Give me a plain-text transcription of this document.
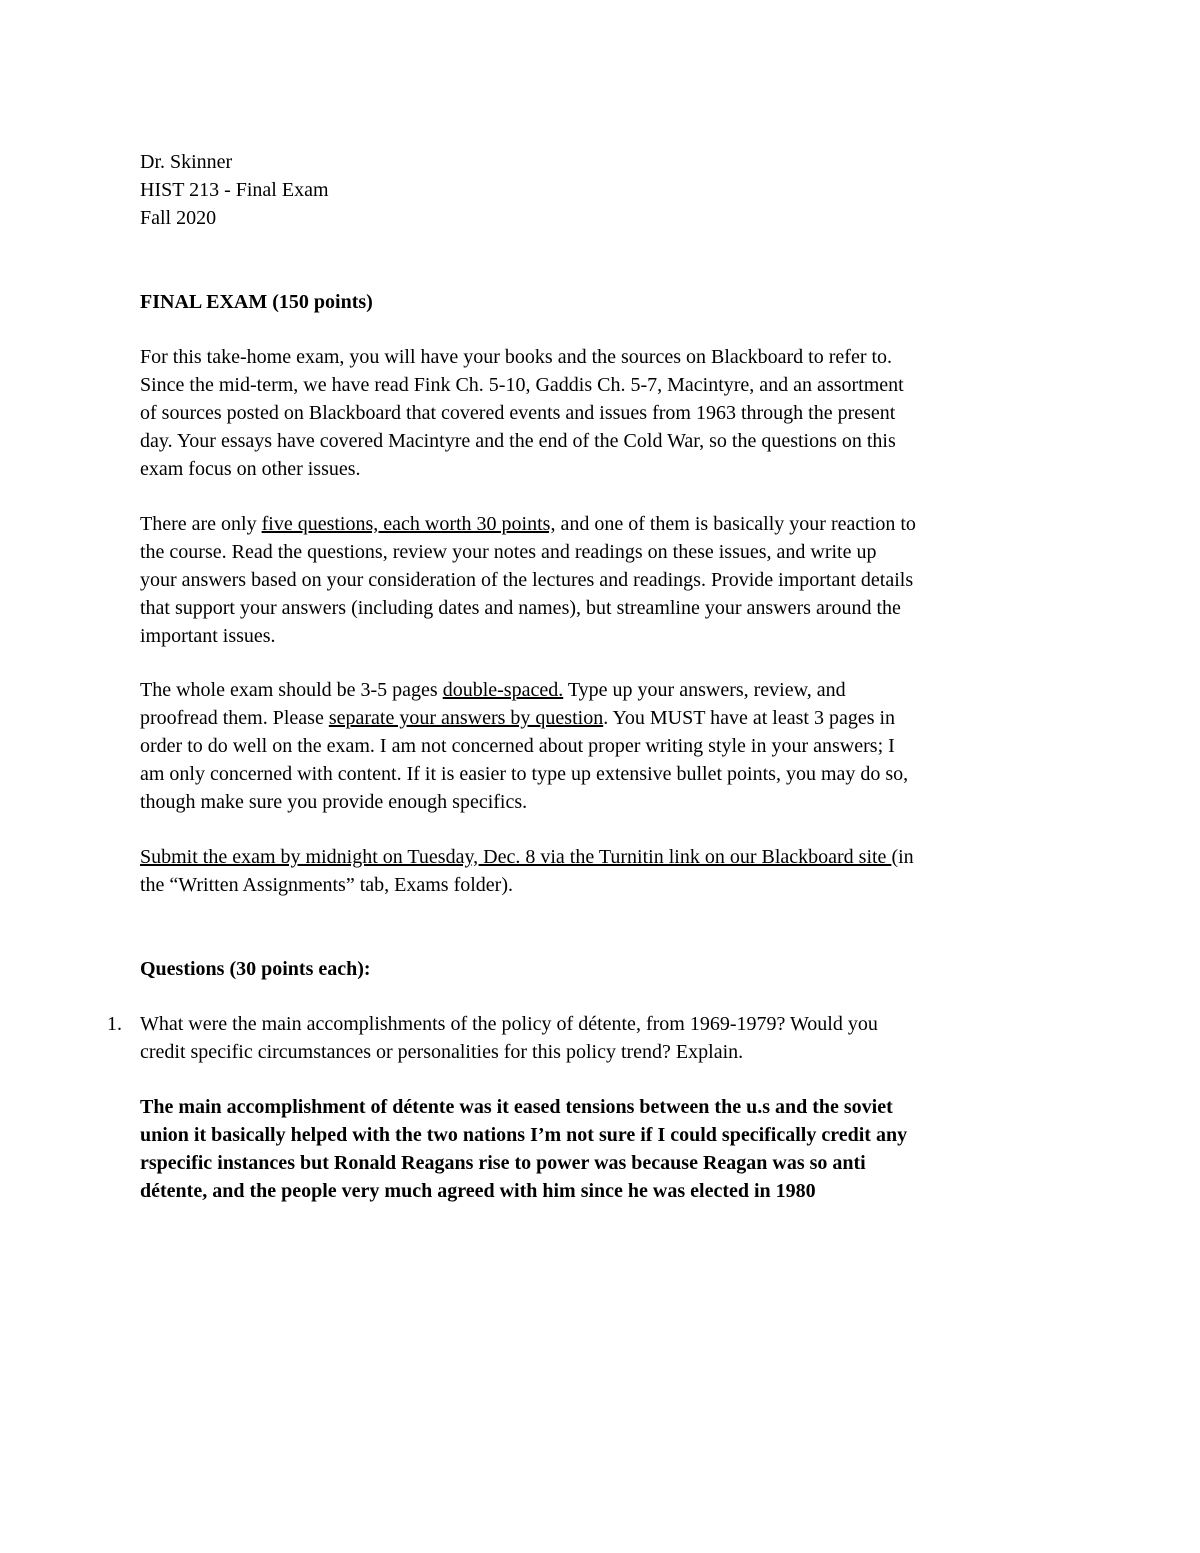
Dr. Skinner
HIST 213 - Final Exam
Fall 2020
FINAL EXAM (150 points)
For this take-home exam, you will have your books and the sources on Blackboard to refer to.
Since the mid-term, we have read Fink Ch. 5-10, Gaddis Ch. 5-7, Macintyre, and an assortment
of sources posted on Blackboard that covered events and issues from 1963 through the present
day. Your essays have covered Macintyre and the end of the Cold War, so the questions on this
exam focus on other issues.
There are only five questions, each worth 30 points, and one of them is basically your reaction to
the course. Read the questions, review your notes and readings on these issues, and write up
your answers based on your consideration of the lectures and readings. Provide important details
that support your answers (including dates and names), but streamline your answers around the
important issues.
The whole exam should be 3-5 pages double-spaced. Type up your answers, review, and
proofread them. Please separate your answers by question. You MUST have at least 3 pages in
order to do well on the exam. I am not concerned about proper writing style in your answers; I
am only concerned with content. If it is easier to type up extensive bullet points, you may do so,
though make sure you provide enough specifics.
Submit the exam by midnight on Tuesday, Dec. 8 via the Turnitin link on our Blackboard site (in
the “Written Assignments” tab, Exams folder).
Questions (30 points each):
1. What were the main accomplishments of the policy of détente, from 1969-1979? Would you
credit specific circumstances or personalities for this policy trend? Explain.
The main accomplishment of détente was it eased tensions between the u.s and the soviet
union it basically helped with the two nations I’m not sure if I could specifically credit any
rspecific instances but Ronald Reagans rise to power was because Reagan was so anti
détente, and the people very much agreed with him since he was elected in 1980
